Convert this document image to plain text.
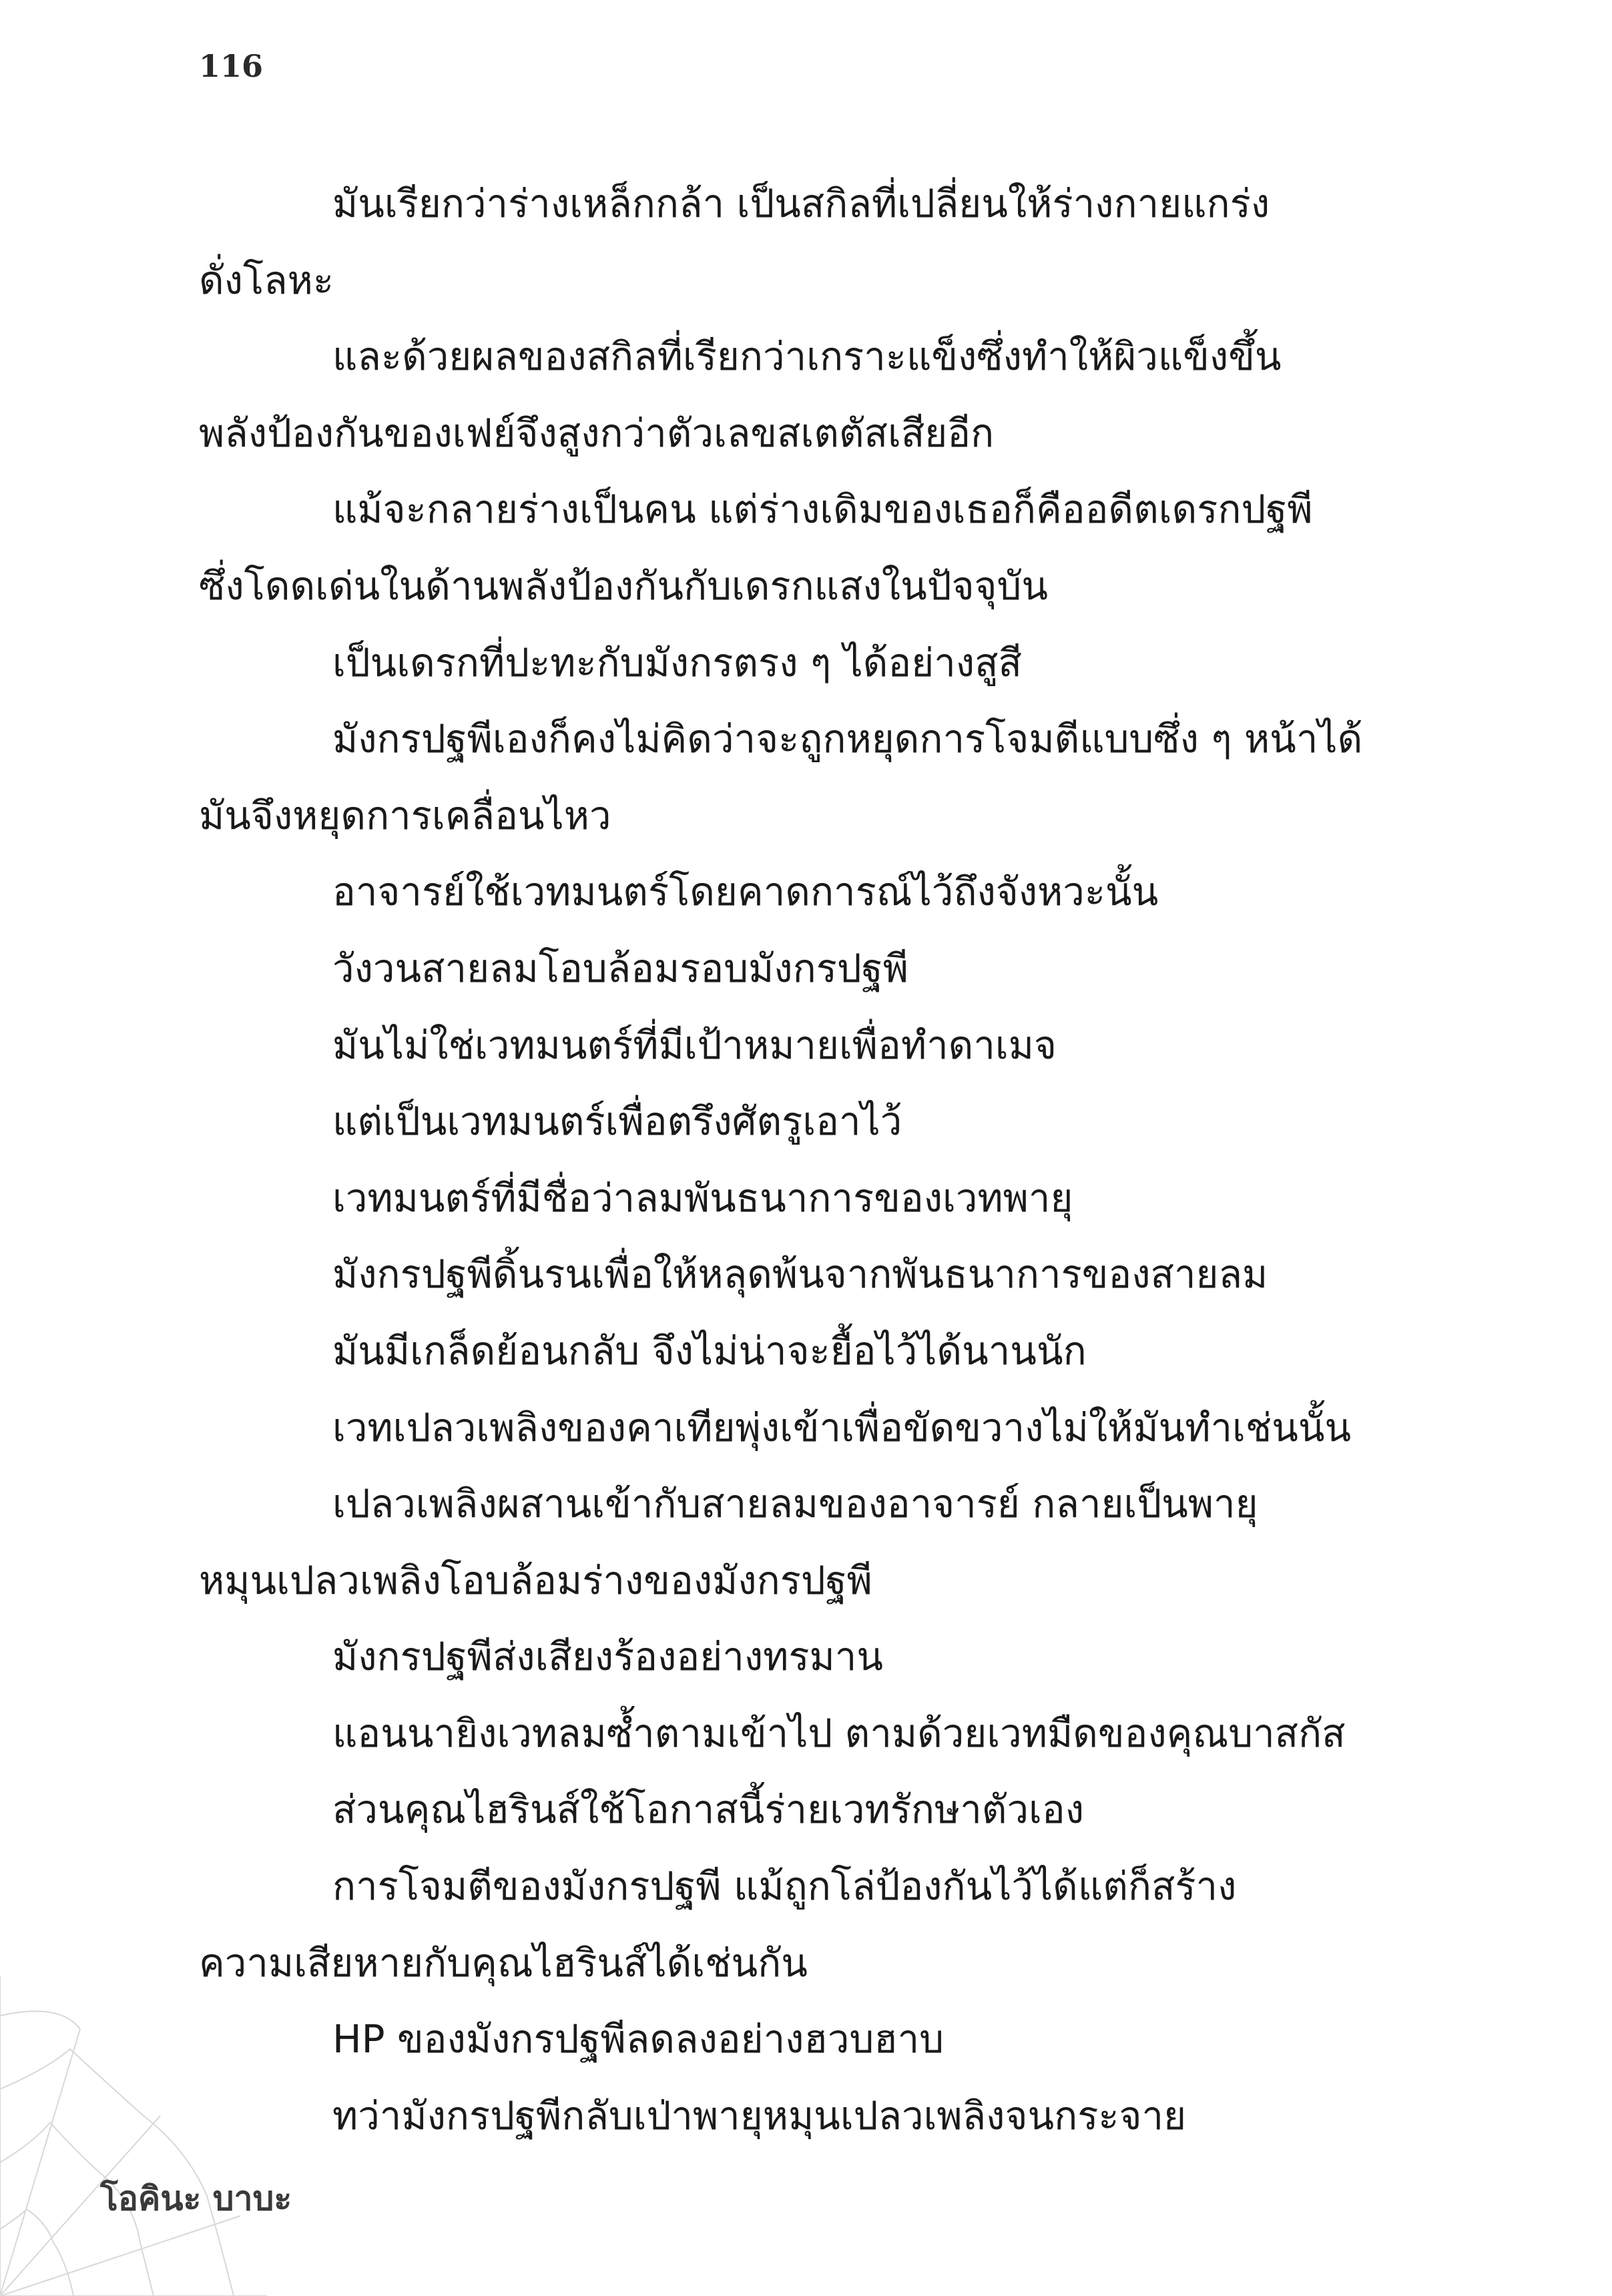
116
มันเรียกว่าร่างเหล็กกล้า เป็นสกิลที่เปลี่ยนให้ร่างกายแกร่ง
ดั่งโลหะ
และด้วยผลของสกิลที่เรียกว่าเกราะแข็งซึ่งทำให้ผิวแข็งขึ้น
พลังป้องกันของเฟย์จึงสูงกว่าตัวเลขสเตตัสเสียอีก
แม้จะกลายร่างเป็นคน แต่ร่างเดิมของเธอก็คืออดีตเดรกปฐพี
ซึ่งโดดเด่นในด้านพลังป้องกันกับเดรกแสงในปัจจุบัน
เป็นเดรกที่ปะทะกับมังกรตรง ๆ ได้อย่างสูสี
มังกรปฐพีเองก็คงไม่คิดว่าจะถูกหยุดการโจมตีแบบซึ่ง ๆ หน้าได้
มันจึงหยุดการเคลื่อนไหว
อาจารย์ใช้เวทมนตร์โดยคาดการณ์ไว้ถึงจังหวะนั้น
วังวนสายลมโอบล้อมรอบมังกรปฐพี
มันไม่ใช่เวทมนตร์ที่มีเป้าหมายเพื่อทำดาเมจ
แต่เป็นเวทมนตร์เพื่อตรึงศัตรูเอาไว้
เวทมนตร์ที่มีชื่อว่าลมพันธนาการของเวทพายุ
มังกรปฐพีดิ้นรนเพื่อให้หลุดพ้นจากพันธนาการของสายลม
มันมีเกล็ดย้อนกลับ จึงไม่น่าจะยื้อไว้ได้นานนัก
เวทเปลวเพลิงของคาเทียพุ่งเข้าเพื่อขัดขวางไม่ให้มันทำเช่นนั้น
เปลวเพลิงผสานเข้ากับสายลมของอาจารย์ กลายเป็นพายุ
หมุนเปลวเพลิงโอบล้อมร่างของมังกรปฐพี
มังกรปฐพีส่งเสียงร้องอย่างทรมาน
แอนนายิงเวทลมซ้ำตามเข้าไป ตามด้วยเวทมืดของคุณบาสกัส
ส่วนคุณไฮรินส์ใช้โอกาสนี้ร่ายเวทรักษาตัวเอง
การโจมตีของมังกรปฐพี แม้ถูกโล่ป้องกันไว้ได้แต่ก็สร้าง
ความเสียหายกับคุณไฮรินส์ได้เช่นกัน
HP ของมังกรปฐพีลดลงอย่างฮวบฮาบ
ทว่ามังกรปฐพีกลับเป่าพายุหมุนเปลวเพลิงจนกระจาย
โอคินะ บาบะ
